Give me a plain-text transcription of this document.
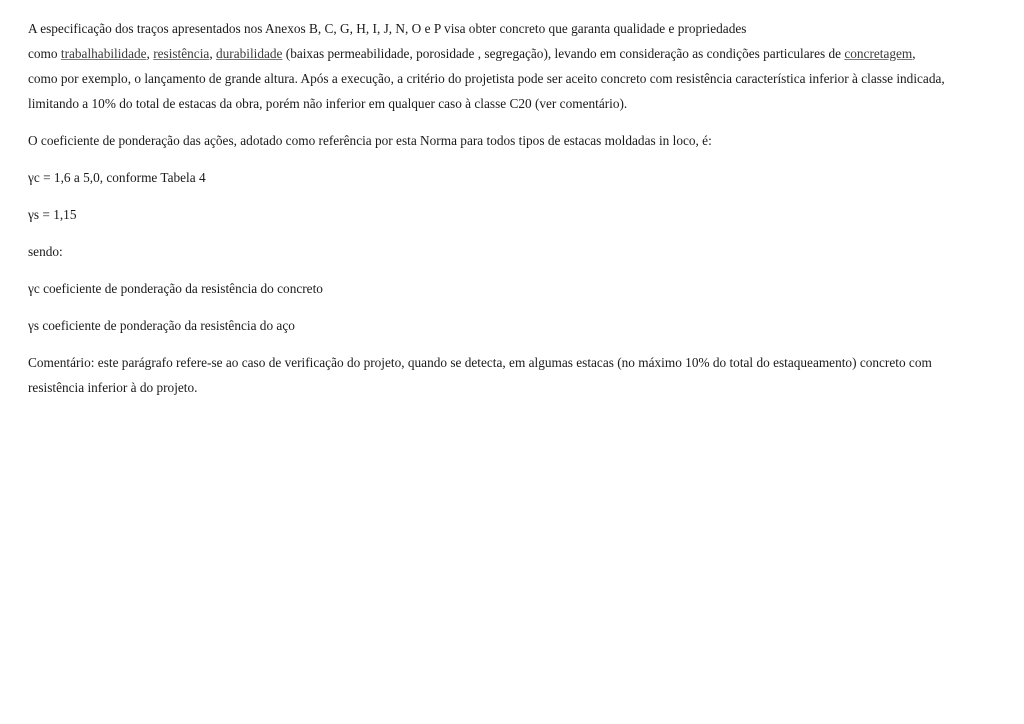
A especificação dos traços apresentados nos Anexos B, C, G, H, I, J, N, O e P visa obter concreto que garanta qualidade e propriedades

como trabalhabilidade, resistência, durabilidade (baixas permeabilidade, porosidade , segregação), levando em consideração as condições particulares de concretagem,

como por exemplo, o lançamento de grande altura. Após a execução, a critério do projetista pode ser aceito concreto com resistência característica inferior à classe indicada,

limitando a 10% do total de estacas da obra, porém não inferior em qualquer caso à classe C20 (ver comentário).

O coeficiente de ponderação das ações, adotado como referência por esta Norma para todos tipos de estacas moldadas in loco, é:

γc = 1,6 a 5,0, conforme Tabela 4

γs = 1,15

sendo:

γc coeficiente de ponderação da resistência do concreto

γs coeficiente de ponderação da resistência do aço

Comentário: este parágrafo refere-se ao caso de verificação do projeto, quando se detecta, em algumas estacas (no máximo 10% do total do estaqueamento) concreto com

resistência inferior à do projeto.
